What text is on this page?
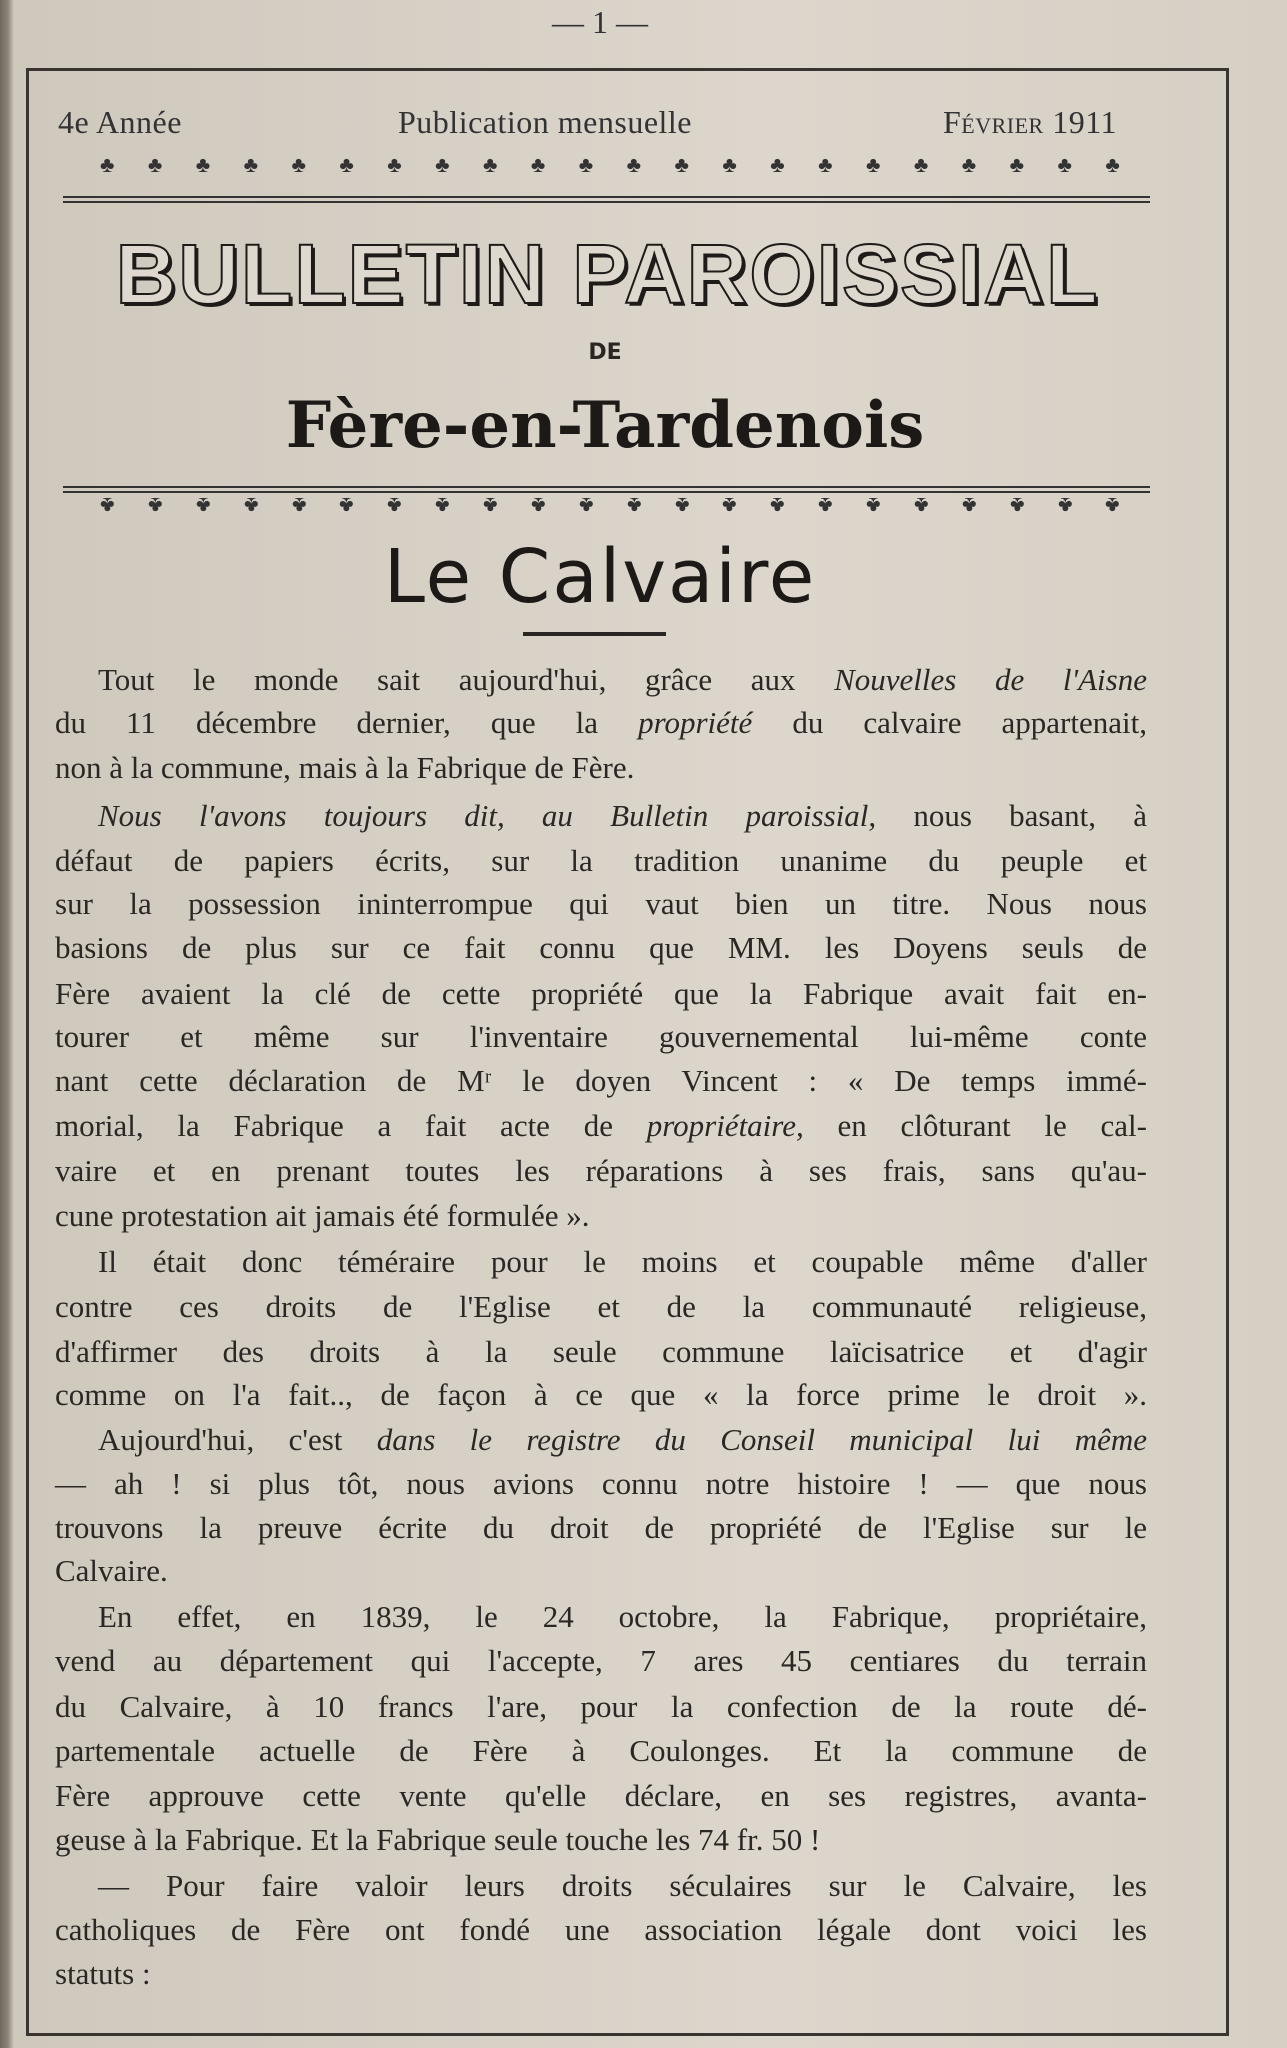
— 1 —
4e Année	Publication mensuelle	Février 1911
♣ ♣ ♣ ♣ ♣ ♣ ♣ ♣ ♣ ♣ ♣ ♣ ♣ ♣ ♣ ♣ ♣ ♣ ♣ ♣ ♣ ♣
BULLETIN PAROISSIAL
DE
Fère-en-Tardenois
♣ ♣ ♣ ♣ ♣ ♣ ♣ ♣ ♣ ♣ ♣ ♣ ♣ ♣ ♣ ♣ ♣ ♣ ♣ ♣ ♣ ♣
Le Calvaire
Tout le monde sait aujourd'hui, grâce aux Nouvelles de l'Aisne
du 11 décembre dernier, que la propriété du calvaire appartenait,
non à la commune, mais à la Fabrique de Fère.
Nous l'avons toujours dit, au Bulletin paroissial, nous basant, à
défaut de papiers écrits, sur la tradition unanime du peuple et
sur la possession ininterrompue qui vaut bien un titre. Nous nous
basions de plus sur ce fait connu que MM. les Doyens seuls de
Fère avaient la clé de cette propriété que la Fabrique avait fait en-
tourer et même sur l'inventaire gouvernemental lui-même conte
nant cette déclaration de Mʳ le doyen Vincent : « De temps immé-
morial, la Fabrique a fait acte de propriétaire, en clôturant le cal-
vaire et en prenant toutes les réparations à ses frais, sans qu'au-
cune protestation ait jamais été formulée ».
Il était donc téméraire pour le moins et coupable même d'aller
contre ces droits de l'Eglise et de la communauté religieuse,
d'affirmer des droits à la seule commune laïcisatrice et d'agir
comme on l'a fait.., de façon à ce que « la force prime le droit ».
Aujourd'hui, c'est dans le registre du Conseil municipal lui même
— ah ! si plus tôt, nous avions connu notre histoire ! — que nous
trouvons la preuve écrite du droit de propriété de l'Eglise sur le
Calvaire.
En effet, en 1839, le 24 octobre, la Fabrique, propriétaire,
vend au département qui l'accepte, 7 ares 45 centiares du terrain
du Calvaire, à 10 francs l'are, pour la confection de la route dé-
partementale actuelle de Fère à Coulonges. Et la commune de
Fère approuve cette vente qu'elle déclare, en ses registres, avanta-
geuse à la Fabrique. Et la Fabrique seule touche les 74 fr. 50 !
— Pour faire valoir leurs droits séculaires sur le Calvaire, les
catholiques de Fère ont fondé une association légale dont voici les
statuts :
